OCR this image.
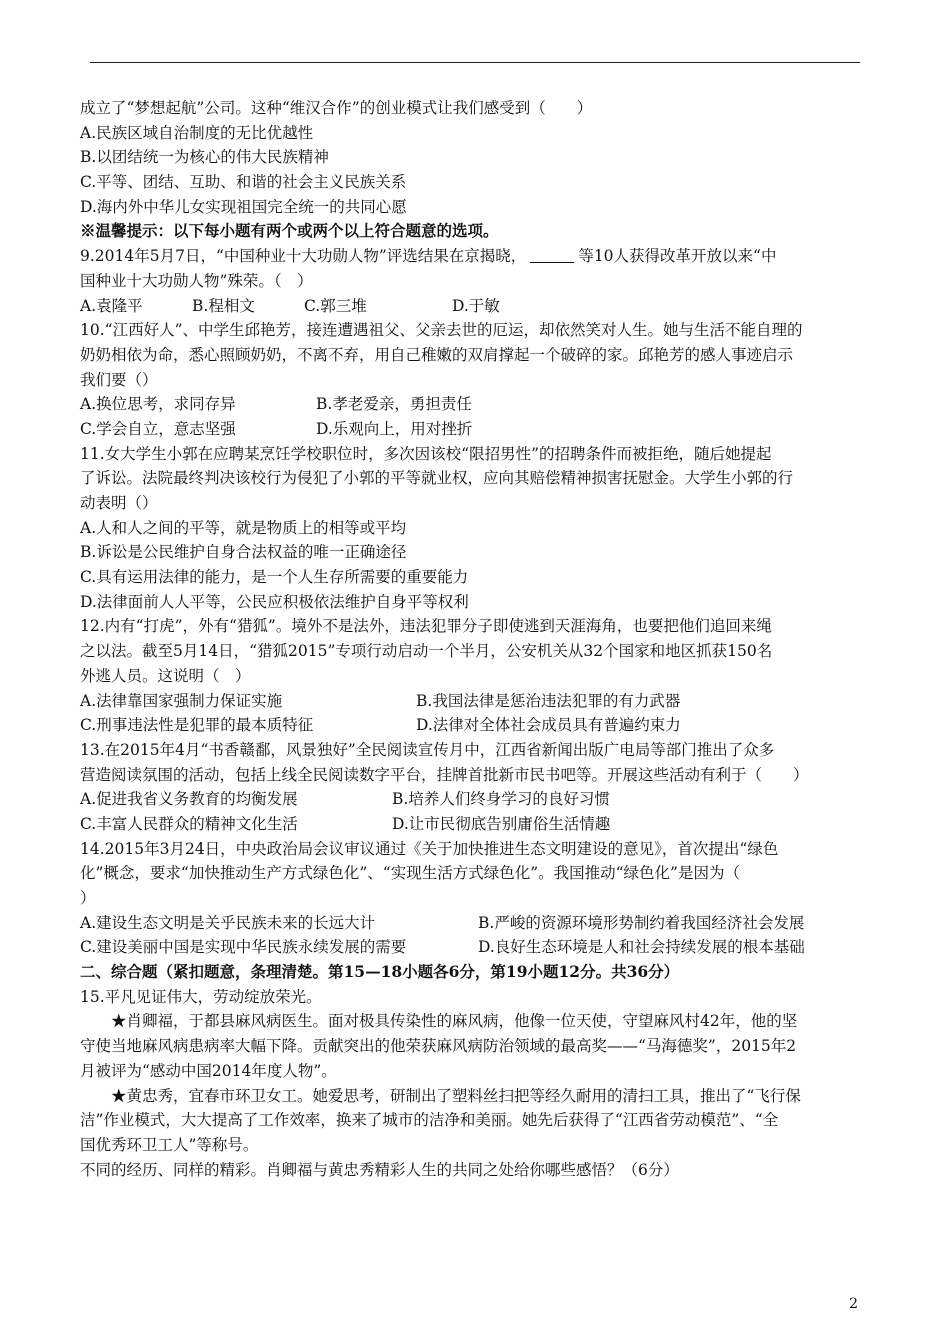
成立了“梦想起航”公司。这种“维汉合作”的创业模式让我们感受到（　　）
A.民族区域自治制度的无比优越性
B.以团结统一为核心的伟大民族精神
C.平等、团结、互助、和谐的社会主义民族关系
D.海内外中华儿女实现祖国完全统一的共同心愿
※温馨提示：以下每小题有两个或两个以上符合题意的选项。
9.2014年5月7日，“中国种业十大功勋人物”评选结果在京揭晓，	等10人获得改革开放以来“中
国种业十大功勋人物”殊荣。（　）
A.袁隆平	B.程相文	C.郭三堆	D.于敏
10.“江西好人”、中学生邱艳芳，接连遭遇祖父、父亲去世的厄运，却依然笑对人生。她与生活不能自理的
奶奶相依为命，悉心照顾奶奶，不离不弃，用自己稚嫩的双肩撑起一个破碎的家。邱艳芳的感人事迹启示
我们要（）
A.换位思考，求同存异	B.孝老爱亲，勇担责任
C.学会自立，意志坚强	D.乐观向上，用对挫折
11.女大学生小郭在应聘某烹饪学校职位时，多次因该校“限招男性”的招聘条件而被拒绝，随后她提起
了诉讼。法院最终判决该校行为侵犯了小郭的平等就业权，应向其赔偿精神损害抚慰金。大学生小郭的行
动表明（）
A.人和人之间的平等，就是物质上的相等或平均
B.诉讼是公民维护自身合法权益的唯一正确途径
C.具有运用法律的能力，是一个人生存所需要的重要能力
D.法律面前人人平等，公民应积极依法维护自身平等权利
12.内有“打虎”，外有“猎狐”。境外不是法外，违法犯罪分子即使逃到天涯海角，也要把他们追回来绳
之以法。截至5月14日，“猎狐2015”专项行动启动一个半月，公安机关从32个国家和地区抓获150名
外逃人员。这说明（　）
A.法律靠国家强制力保证实施	B.我国法律是惩治违法犯罪的有力武器
C.刑事违法性是犯罪的最本质特征	D.法律对全体社会成员具有普遍约束力
13.在2015年4月“书香赣鄱，风景独好”全民阅读宣传月中，江西省新闻出版广电局等部门推出了众多
营造阅读氛围的活动，包括上线全民阅读数字平台，挂牌首批新市民书吧等。开展这些活动有利于（　　）
A.促进我省义务教育的均衡发展	B.培养人们终身学习的良好习惯
C.丰富人民群众的精神文化生活	D.让市民彻底告别庸俗生活情趣
14.2015年3月24日，中央政治局会议审议通过《关于加快推进生态文明建设的意见》，首次提出“绿色
化”概念，要求“加快推动生产方式绿色化”、“实现生活方式绿色化”。我国推动“绿色化”是因为（
）
A.建设生态文明是关乎民族未来的长远大计	B.严峻的资源环境形势制约着我国经济社会发展
C.建设美丽中国是实现中华民族永续发展的需要	D.良好生态环境是人和社会持续发展的根本基础
二、综合题（紧扣题意，条理清楚。第15—18小题各6分，第19小题12分。共36分）
15.平凡见证伟大，劳动绽放荣光。
★肖卿福，于都县麻风病医生。面对极具传染性的麻风病，他像一位天使，守望麻风村42年，他的坚
守使当地麻风病患病率大幅下降。贡献突出的他荣获麻风病防治领域的最高奖——“马海德奖”，2015年2
月被评为“感动中国2014年度人物”。
★黄忠秀，宜春市环卫女工。她爱思考，研制出了塑料丝扫把等经久耐用的清扫工具，推出了“飞行保
洁”作业模式，大大提高了工作效率，换来了城市的洁净和美丽。她先后获得了“江西省劳动模范”、“全
国优秀环卫工人”等称号。
不同的经历、同样的精彩。肖卿福与黄忠秀精彩人生的共同之处给你哪些感悟？（6分）
2
